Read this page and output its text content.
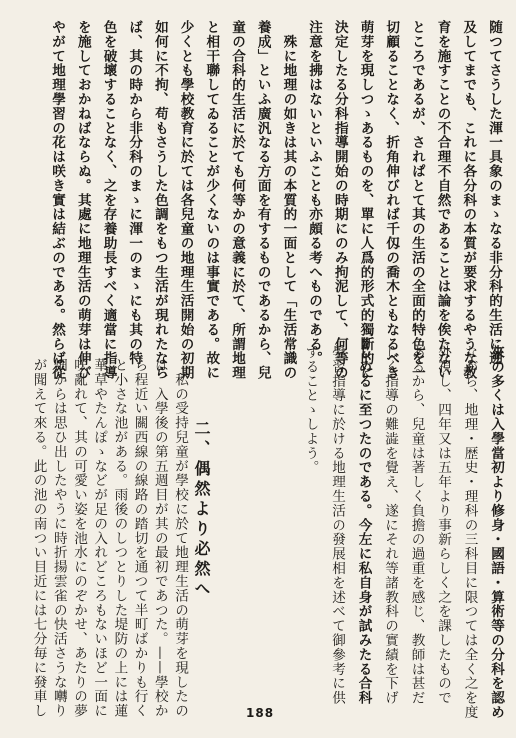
随つてさうした渾一具象のまゝなる非分科的生活に遡
及してまでも、これに各分科の本質が要求するやうな教
育を施すことの不合理不自然であることは論を俟たない
ところであるが、されぱとて其の生活の全面的特色を一
切顧ることなく、折角伸びれば千仭の喬木ともなるべき
萌芽を現しつゝあるものを、單に人爲的形式的獨斷的に
決定したる分科指導開始の時期にのみ拘泥して、何等の
注意を拂はないといふことも亦頗る考へものである。
　殊に地理の如きは其の本質的一面として「生活常識の
養成」といふ廣汎なる方面を有するものであるから、兒
童の合科的生活に於ても何等かの意義に於て、所謂地理
と相干聯してゐることが少くないのは事實である。故に
少くとも學校教育に於ては各兒童の地理生活開始の初期
如何に不拘、苟もさうした色調をもつ生活が現れたなら
ば、其の時から非分科のまゝに渾一のまゝにも其の特
色を破壞することなく、之を存養助長すべく適當に指導
を施しておかねばならぬ。其處に地理生活の萌芽は伸び
やがて地理學習の花は咲き實は結ぶのである。然らば從
來の多くは入學當初より修身・國語・算術等の分科を認め
ながら、地理・歴史・理科の三科目に限つては全く之を度
外視し、四年又は五年より事新らしく之を課したもので
あるから、兒童は著しく負擔の過重を感じ、教師は甚だ
しく指導の難澁を覺え、遂にそれ等諸教科の實績を下げ
しめるに至つたのである。今左に私自身が試みたる合科
學習指導に於ける地理生活の發展相を述べて御參考に供
することゝしよう。
二、偶然より必然へ
　私の受持兒童が學校に於て地理生活の萌芽を現したの
は、入學後の第五週目が其の最初であつた。——學校か
ら程近い關西線の線路の踏切を通つて半町ばかりも行く
と小さな池がある。雨後のしつとりした堤防の上には蓮
華草やたんぽゝなどが足の入れどころもないほど一面に
咲亂れて、其の可愛い姿を池水にのぞかせ、あたりの夢
畑からは思ひ出したやうに時折揚雲雀の快活さうな囀り
が聞えて來る。此の池の南つい目近には七分毎に發車し	188
